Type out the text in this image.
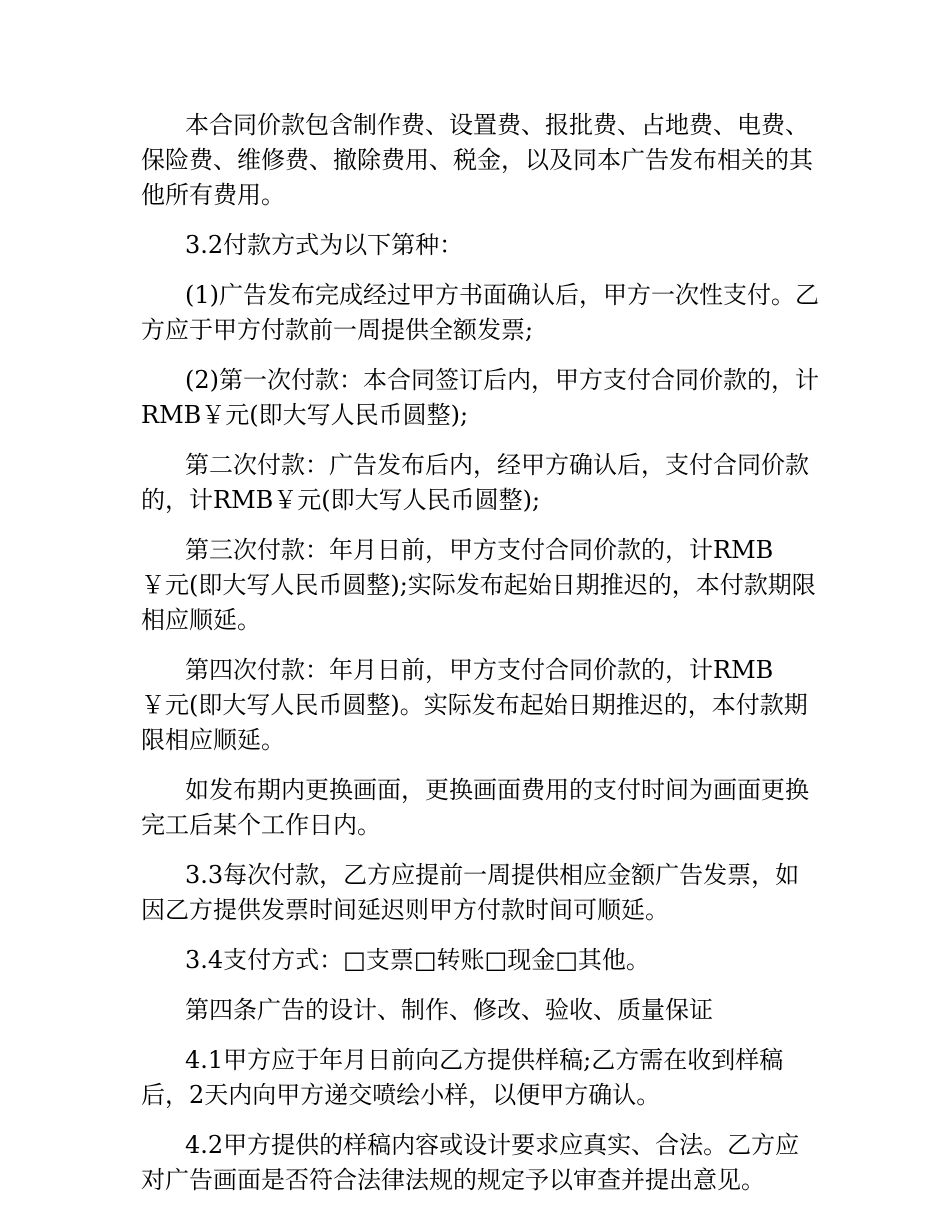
本合同价款包含制作费、设置费、报批费、占地费、电费、保险费、维修费、撤除费用、税金，以及同本广告发布相关的其他所有费用。

3.2付款方式为以下第种：

(1)广告发布完成经过甲方书面确认后，甲方一次性支付。乙方应于甲方付款前一周提供全额发票;

(2)第一次付款：本合同签订后内，甲方支付合同价款的，计RMB￥元(即大写人民币圆整);

第二次付款：广告发布后内，经甲方确认后，支付合同价款的，计RMB￥元(即大写人民币圆整);

第三次付款：年月日前，甲方支付合同价款的，计RMB ￥元(即大写人民币圆整);实际发布起始日期推迟的，本付款期限相应顺延。

第四次付款：年月日前，甲方支付合同价款的，计RMB ￥元(即大写人民币圆整)。实际发布起始日期推迟的，本付款期限相应顺延。

如发布期内更换画面，更换画面费用的支付时间为画面更换完工后某个工作日内。

3.3每次付款，乙方应提前一周提供相应金额广告发票，如因乙方提供发票时间延迟则甲方付款时间可顺延。

3.4支付方式：□支票□转账□现金□其他。

第四条广告的设计、制作、修改、验收、质量保证

4.1甲方应于年月日前向乙方提供样稿;乙方需在收到样稿后，2天内向甲方递交喷绘小样，以便甲方确认。

4.2甲方提供的样稿内容或设计要求应真实、合法。乙方应对广告画面是否符合法律法规的规定予以审查并提出意见。
